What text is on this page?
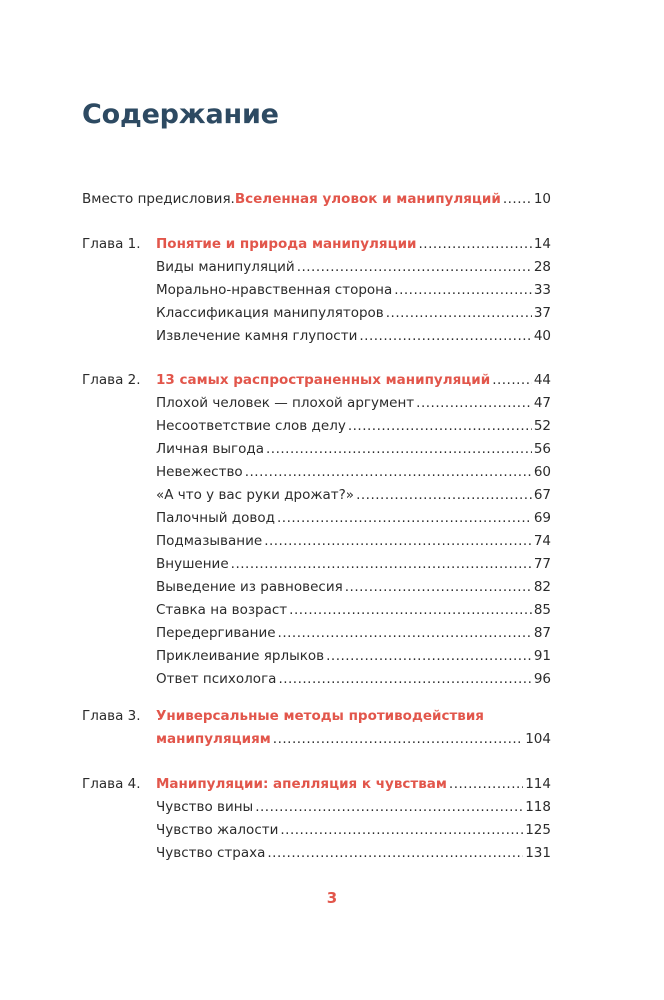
Содержание
Вместо предисловия. Вселенная уловок и манипуляций ..... 10
Глава 1. Понятие и природа манипуляции .....	14
Виды манипуляций .....	28
Морально-нравственная сторона .....	33
Классификация манипуляторов .....	37
Извлечение камня глупости .....	40
Глава 2. 13 самых распространенных манипуляций .....	44
Плохой человек — плохой аргумент .....	47
Несоответствие слов делу .....	52
Личная выгода .....	56
Невежество .....	60
«А что у вас руки дрожат?» .....	67
Палочный довод .....	69
Подмазывание .....	74
Внушение .....	77
Выведение из равновесия .....	82
Ставка на возраст .....	85
Передергивание .....	87
Приклеивание ярлыков .....	91
Ответ психолога .....	96
Глава 3. Универсальные методы противодействия
манипуляциям .....	104
Глава 4. Манипуляции: апелляция к чувствам .....	114
Чувство вины .....	118
Чувство жалости .....	125
Чувство страха .....	131
3
